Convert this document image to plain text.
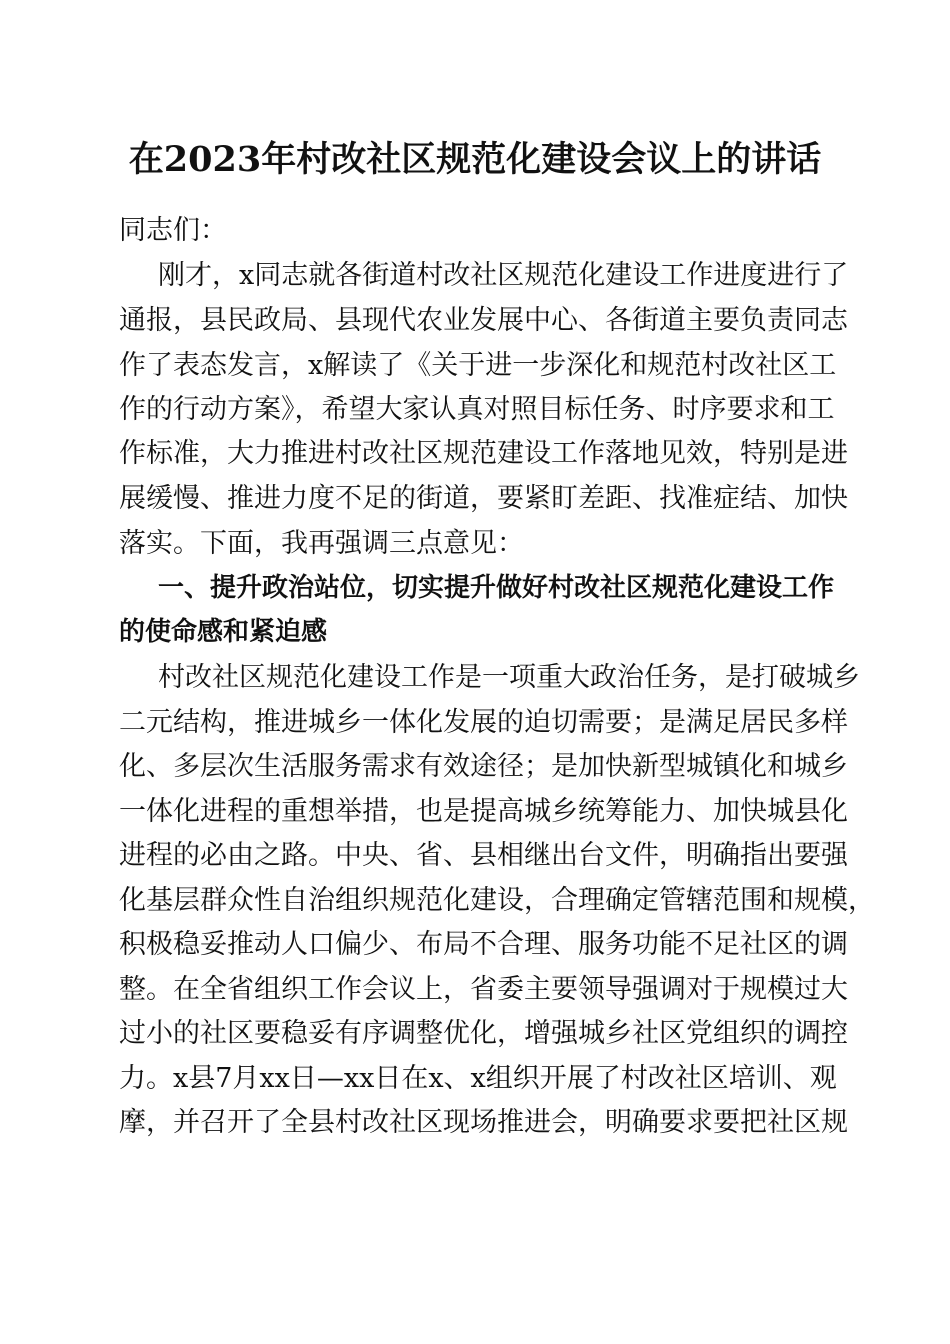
在2023年村改社区规范化建设会议上的讲话
同志们：
刚才，x同志就各街道村改社区规范化建设工作进度进行了
通报，县民政局、县现代农业发展中心、各街道主要负责同志
作了表态发言，x解读了《关于进一步深化和规范村改社区工
作的行动方案》，希望大家认真对照目标任务、时序要求和工
作标准，大力推进村改社区规范建设工作落地见效，特别是进
展缓慢、推进力度不足的街道，要紧盯差距、找准症结、加快
落实。下面，我再强调三点意见：
一、提升政治站位，切实提升做好村改社区规范化建设工作
的使命感和紧迫感
村改社区规范化建设工作是一项重大政治任务，是打破城乡
二元结构，推进城乡一体化发展的迫切需要；是满足居民多样
化、多层次生活服务需求有效途径；是加快新型城镇化和城乡
一体化进程的重想举措，也是提高城乡统筹能力、加快城县化
进程的必由之路。中央、省、县相继出台文件，明确指出要强
化基层群众性自治组织规范化建设，合理确定管辖范围和规模，
积极稳妥推动人口偏少、布局不合理、服务功能不足社区的调
整。在全省组织工作会议上，省委主要领导强调对于规模过大
过小的社区要稳妥有序调整优化，增强城乡社区党组织的调控
力。x县7月xx日—xx日在x、x组织开展了村改社区培训、观
摩，并召开了全县村改社区现场推进会，明确要求要把社区规
